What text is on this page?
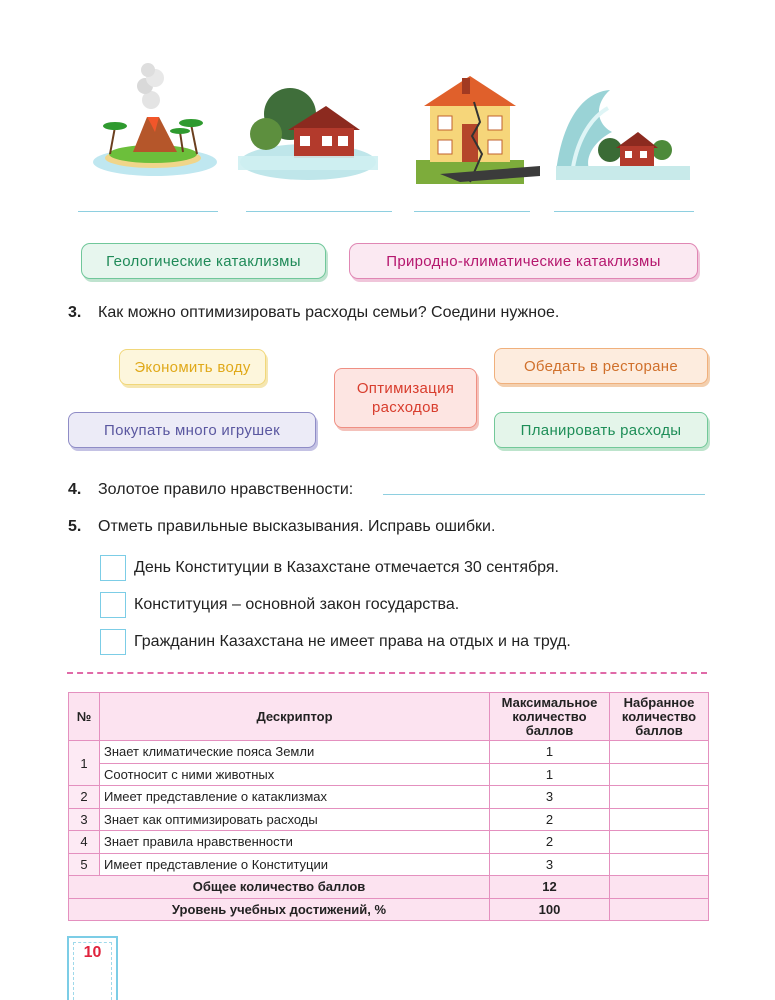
Геологические катаклизмы	Природно-климатические катаклизмы
3. Как можно оптимизировать расходы семьи? Соедини нужное.
Экономить воду
Покупать много игрушек
Оптимизация
расходов
Обедать в ресторане
Планировать расходы
4. Золотое правило нравственности:
5. Отметь правильные высказывания. Исправь ошибки.
День Конституции в Казахстане отмечается 30 сентября.
Конституция – основной закон государства.
Гражданин Казахстана не имеет права на отдых и на труд.
№	Дескриптор	Максимальное количество баллов	Набранное количество баллов
1	Знает климатические пояса Земли	1	
	Соотносит с ними животных	1	
2	Имеет представление о катаклизмах	3	
3	Знает как оптимизировать расходы	2	
4	Знает правила нравственности	2	
5	Имеет представление о Конституции	3	
Общее количество баллов		12	
Уровень учебных достижений, %		100	
10
